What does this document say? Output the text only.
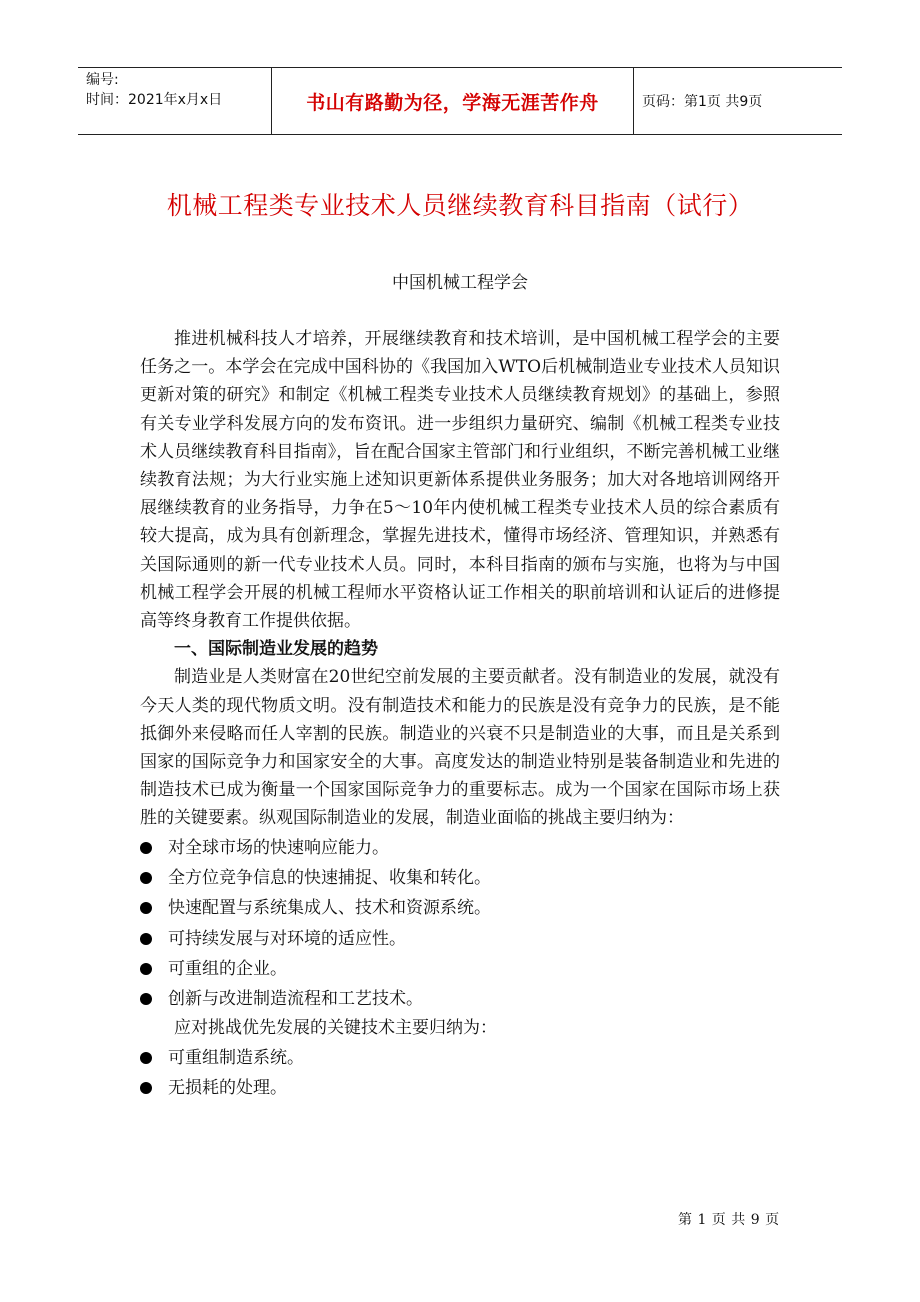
编号:
时间：2021年x月x日	书山有路勤为径，学海无涯苦作舟	页码：第1页 共9页
机械工程类专业技术人员继续教育科目指南（试行）
中国机械工程学会

推进机械科技人才培养，开展继续教育和技术培训，是中国机械工程学会的主要任务之一。本学会在完成中国科协的《我国加入WTO后机械制造业专业技术人员知识更新对策的研究》和制定《机械工程类专业技术人员继续教育规划》的基础上，参照有关专业学科发展方向的发布资讯。进一步组织力量研究、编制《机械工程类专业技术人员继续教育科目指南》，旨在配合国家主管部门和行业组织，不断完善机械工业继续教育法规；为大行业实施上述知识更新体系提供业务服务；加大对各地培训网络开展继续教育的业务指导，力争在5～10年内使机械工程类专业技术人员的综合素质有较大提高，成为具有创新理念，掌握先进技术，懂得市场经济、管理知识，并熟悉有关国际通则的新一代专业技术人员。同时，本科目指南的颁布与实施，也将为与中国机械工程学会开展的机械工程师水平资格认证工作相关的职前培训和认证后的进修提高等终身教育工作提供依据。

一、国际制造业发展的趋势

制造业是人类财富在20世纪空前发展的主要贡献者。没有制造业的发展，就没有今天人类的现代物质文明。没有制造技术和能力的民族是没有竞争力的民族，是不能抵御外来侵略而任人宰割的民族。制造业的兴衰不只是制造业的大事，而且是关系到国家的国际竞争力和国家安全的大事。高度发达的制造业特别是装备制造业和先进的制造技术已成为衡量一个国家国际竞争力的重要标志。成为一个国家在国际市场上获胜的关键要素。纵观国际制造业的发展，制造业面临的挑战主要归纳为：

对全球市场的快速响应能力。
全方位竞争信息的快速捕捉、收集和转化。
快速配置与系统集成人、技术和资源系统。
可持续发展与对环境的适应性。
可重组的企业。
创新与改进制造流程和工艺技术。

应对挑战优先发展的关键技术主要归纳为：

可重组制造系统。
无损耗的处理。
第 1 页 共 9 页
